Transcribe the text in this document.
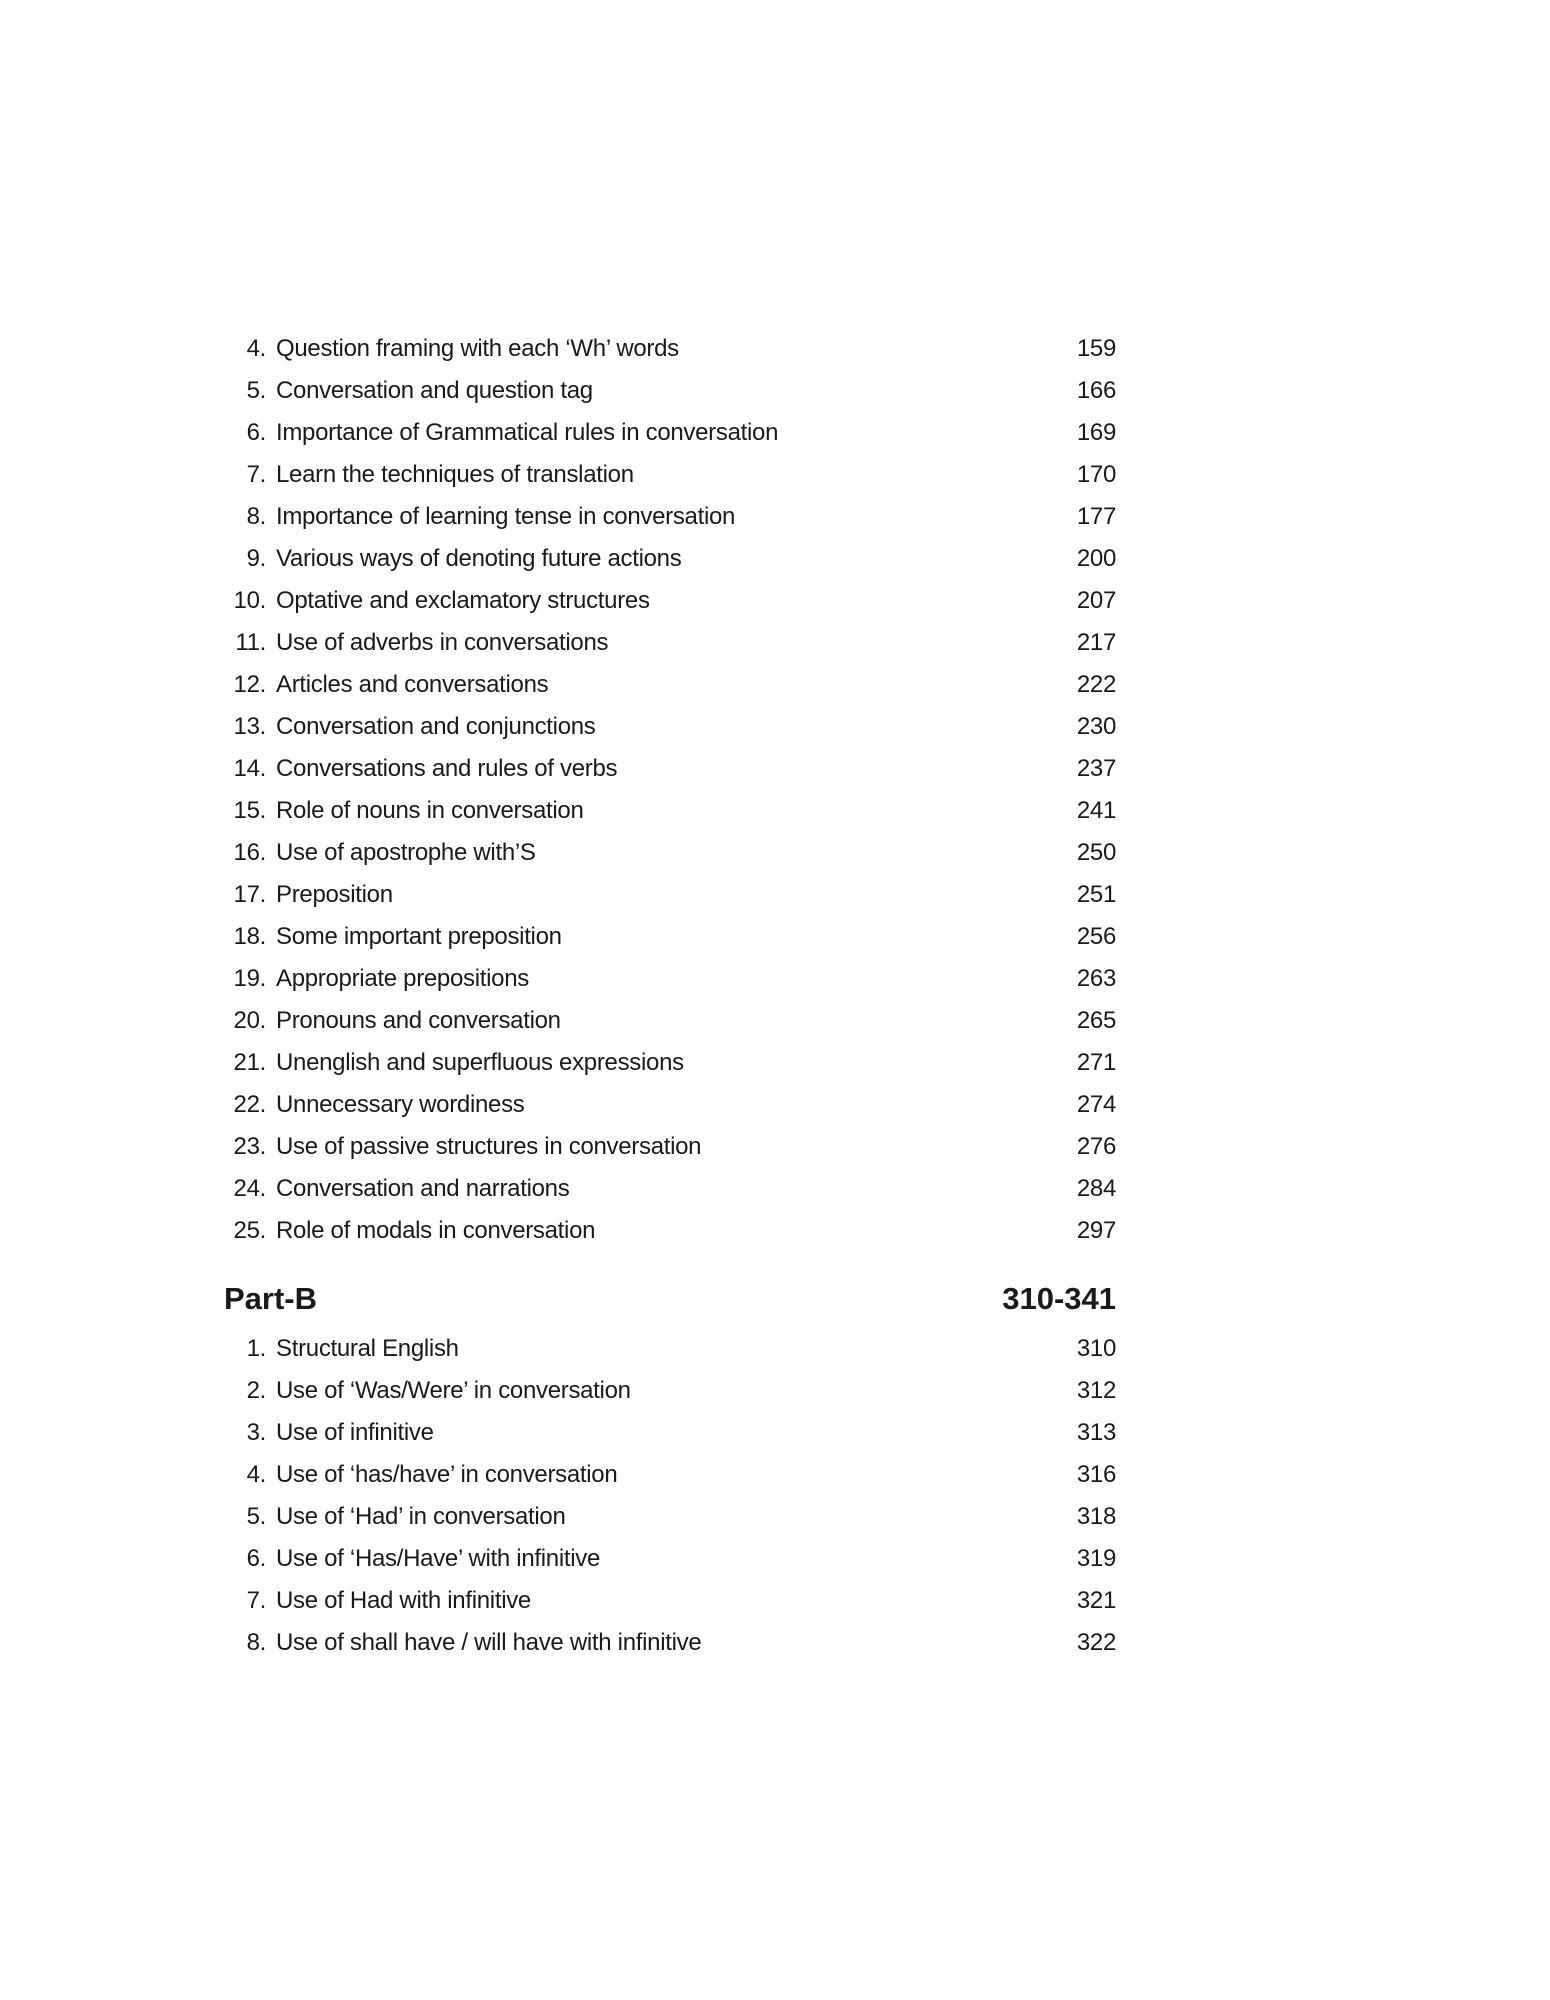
4. Question framing with each ‘Wh’ words	159
5. Conversation and question tag	166
6. Importance of Grammatical rules in conversation	169
7. Learn the techniques of translation	170
8. Importance of learning tense in conversation	177
9. Various ways of denoting future actions	200
10. Optative and exclamatory structures	207
11. Use of adverbs in conversations	217
12. Articles and conversations	222
13. Conversation and conjunctions	230
14. Conversations and rules of verbs	237
15. Role of nouns in conversation	241
16. Use of apostrophe with’S	250
17. Preposition	251
18. Some important preposition	256
19. Appropriate prepositions	263
20. Pronouns and conversation	265
21. Unenglish and superfluous expressions	271
22. Unnecessary wordiness	274
23. Use of passive structures in conversation	276
24. Conversation and narrations	284
25. Role of modals in conversation	297
Part-B	310-341
1. Structural English	310
2. Use of ‘Was/Were’ in conversation	312
3. Use of infinitive	313
4. Use of ‘has/have’ in conversation	316
5. Use of ‘Had’ in conversation	318
6. Use of ‘Has/Have’ with infinitive	319
7. Use of Had with infinitive	321
8. Use of shall have / will have with infinitive	322
